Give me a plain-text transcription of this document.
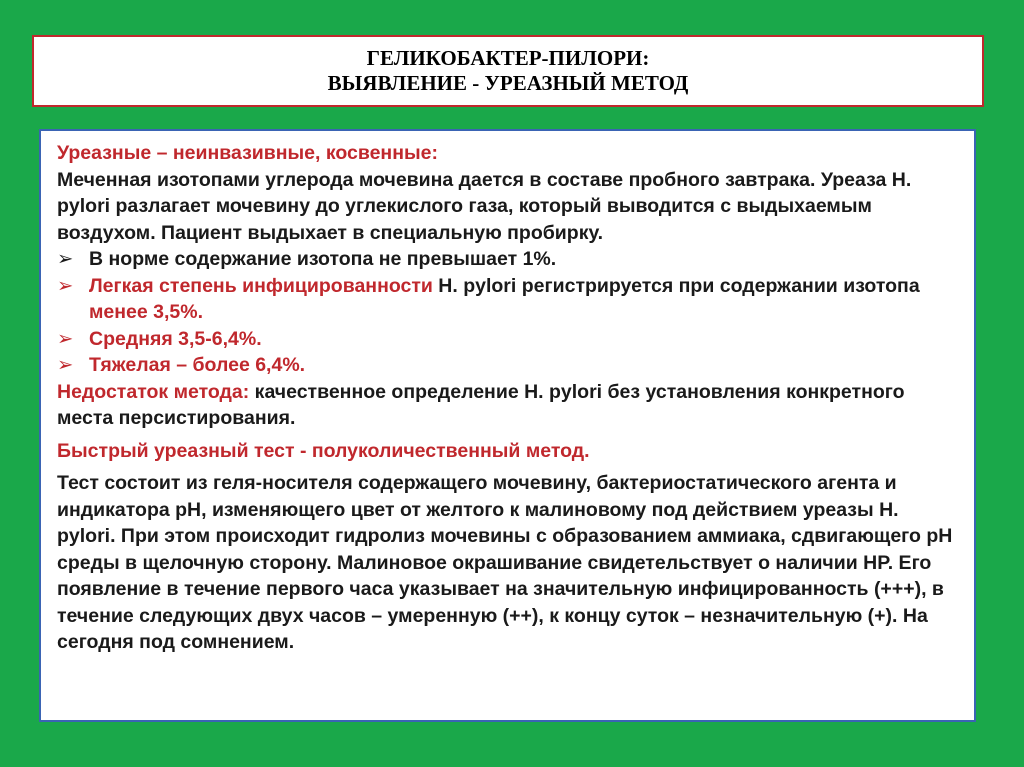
ГЕЛИКОБАКТЕР-ПИЛОРИ:
ВЫЯВЛЕНИЕ - УРЕАЗНЫЙ МЕТОД
Уреазные – неинвазивные, косвенные:
Меченная изотопами углерода мочевина дается в составе пробного завтрака. Уреаза H. pylori разлагает мочевину до углекислого газа, который выводится с выдыхаемым воздухом. Пациент выдыхает в специальную пробирку.
➢ В норме содержание изотопа не превышает 1%.
➢ Легкая степень инфицированности H. pylori регистрируется при содержании изотопа менее 3,5%.
➢ Средняя 3,5-6,4%.
➢ Тяжелая – более 6,4%.
Недостаток метода: качественное определение H. pylori без установления конкретного места персистирования.
Быстрый уреазный тест - полуколичественный метод.
Тест состоит из геля-носителя содержащего мочевину, бактериостатического агента и индикатора pH, изменяющего цвет от желтого к малиновому под действием уреазы H. pylori. При этом происходит гидролиз мочевины с образованием аммиака, сдвигающего pH среды в щелочную сторону. Малиновое окрашивание свидетельствует о наличии HP. Его появление в течение первого часа указывает на значительную инфицированность (+++), в течение следующих двух часов – умеренную (++), к концу суток – незначительную (+). На сегодня под сомнением.
